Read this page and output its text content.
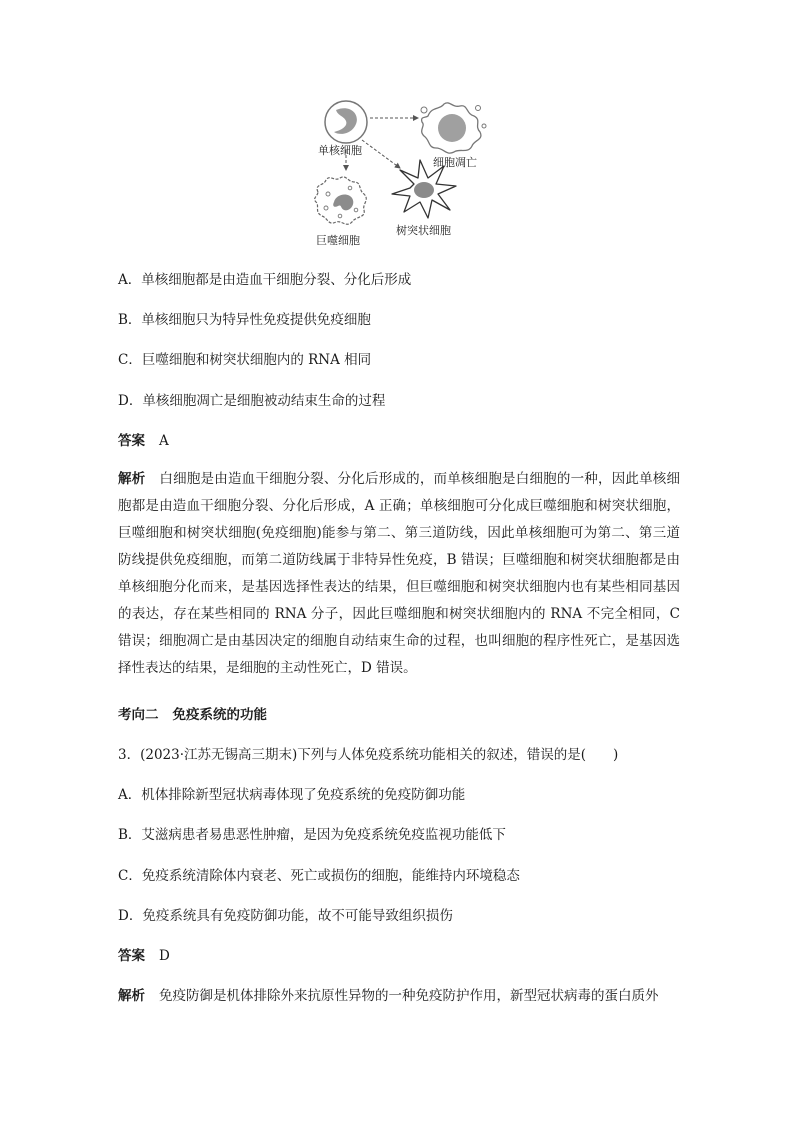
单核细胞
细胞凋亡
巨噬细胞
树突状细胞
A．单核细胞都是由造血干细胞分裂、分化后形成
B．单核细胞只为特异性免疫提供免疫细胞
C．巨噬细胞和树突状细胞内的 RNA 相同
D．单核细胞凋亡是细胞被动结束生命的过程
答案 A
解析 白细胞是由造血干细胞分裂、分化后形成的，而单核细胞是白细胞的一种，因此单核细胞都是由造血干细胞分裂、分化后形成，A 正确；单核细胞可分化成巨噬细胞和树突状细胞，巨噬细胞和树突状细胞(免疫细胞)能参与第二、第三道防线，因此单核细胞可为第二、第三道防线提供免疫细胞，而第二道防线属于非特异性免疫，B 错误；巨噬细胞和树突状细胞都是由单核细胞分化而来，是基因选择性表达的结果，但巨噬细胞和树突状细胞内也有某些相同基因的表达，存在某些相同的 RNA 分子，因此巨噬细胞和树突状细胞内的 RNA 不完全相同，C 错误；细胞凋亡是由基因决定的细胞自动结束生命的过程，也叫细胞的程序性死亡，是基因选择性表达的结果，是细胞的主动性死亡，D 错误。
考向二 免疫系统的功能
3．(2023·江苏无锡高三期末)下列与人体免疫系统功能相关的叙述，错误的是(　　)
A．机体排除新型冠状病毒体现了免疫系统的免疫防御功能
B．艾滋病患者易患恶性肿瘤，是因为免疫系统免疫监视功能低下
C．免疫系统清除体内衰老、死亡或损伤的细胞，能维持内环境稳态
D．免疫系统具有免疫防御功能，故不可能导致组织损伤
答案 D
解析 免疫防御是机体排除外来抗原性异物的一种免疫防护作用，新型冠状病毒的蛋白质外
